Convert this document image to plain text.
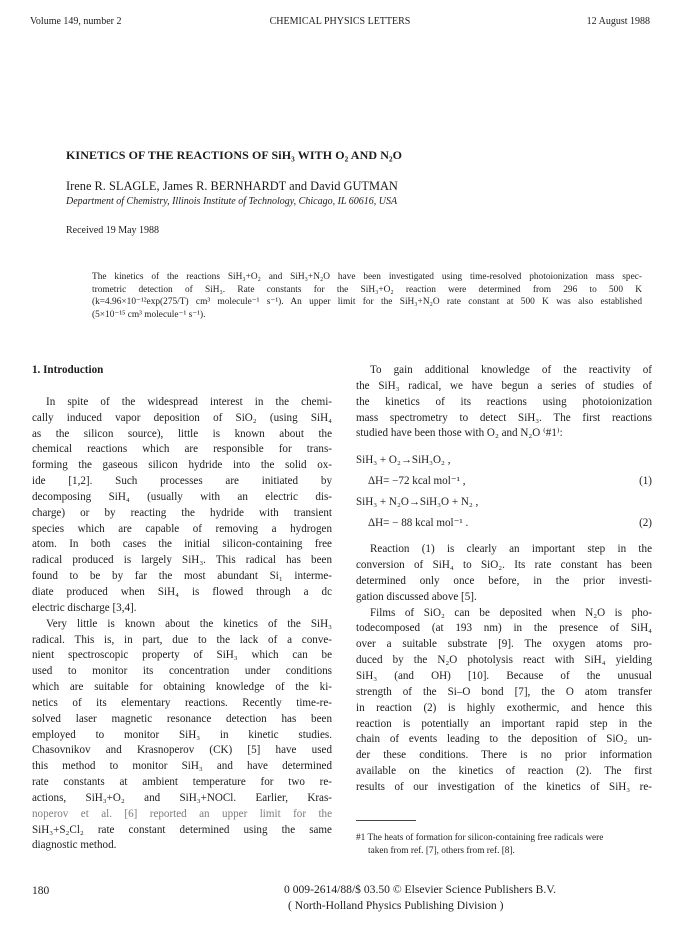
Volume 149, number 2	CHEMICAL PHYSICS LETTERS	12 August 1988
KINETICS OF THE REACTIONS OF SiH₃ WITH O₂ AND N₂O
Irene R. SLAGLE, James R. BERNHARDT and David GUTMAN
Department of Chemistry, Illinois Institute of Technology, Chicago, IL 60616, USA
Received 19 May 1988
The kinetics of the reactions SiH₃+O₂ and SiH₃+N₂O have been investigated using time-resolved photoionization mass spec-
trometric detection of SiH₃. Rate constants for the SiH₃+O₂ reaction were determined from 296 to 500 K
(k=4.96×10⁻¹²exp(275/T) cm³ molecule⁻¹ s⁻¹). An upper limit for the SiH₃+N₂O rate constant at 500 K was also established
(5×10⁻¹⁵ cm³ molecule⁻¹ s⁻¹).
1. Introduction
In spite of the widespread interest in the chemi-
cally induced vapor deposition of SiO₂ (using SiH₄
as the silicon source), little is known about the
chemical reactions which are responsible for trans-
forming the gaseous silicon hydride into the solid ox-
ide [1,2]. Such processes are initiated by
decomposing SiH₄ (usually with an electric dis-
charge) or by reacting the hydride with transient
species which are capable of removing a hydrogen
atom. In both cases the initial silicon-containing free
radical produced is largely SiH₃. This radical has been
found to be by far the most abundant Si₁ interme-
diate produced when SiH₄ is flowed through a dc
electric discharge [3,4].
Very little is known about the kinetics of the SiH₃
radical. This is, in part, due to the lack of a conve-
nient spectroscopic property of SiH₃ which can be
used to monitor its concentration under conditions
which are suitable for obtaining knowledge of the ki-
netics of its elementary reactions. Recently time-re-
solved laser magnetic resonance detection has been
employed to monitor SiH₃ in kinetic studies.
Chasovnikov and Krasnoperov (CK) [5] have used
this method to monitor SiH₃ and have determined
rate constants at ambient temperature for two re-
actions, SiH₃+O₂ and SiH₃+NOCl. Earlier, Kras-
noperov et al. [6] reported an upper limit for the
SiH₃+S₂Cl₂ rate constant determined using the same
diagnostic method.
To gain additional knowledge of the reactivity of
the SiH₃ radical, we have begun a series of studies of
the kinetics of its reactions using photoionization
mass spectrometry to detect SiH₃. The first reactions
studied have been those with O₂ and N₂O ⁽#1⁾:
SiH₃ + O₂→SiH₃O₂ ,
ΔH= −72 kcal mol⁻¹ ,	(1)
SiH₃ + N₂O→SiH₃O + N₂ ,
ΔH= − 88 kcal mol⁻¹ .	(2)
Reaction (1) is clearly an important step in the
conversion of SiH₄ to SiO₂. Its rate constant has been
determined only once before, in the prior investi-
gation discussed above [5].
Films of SiO₂ can be deposited when N₂O is pho-
todecomposed (at 193 nm) in the presence of SiH₄
over a suitable substrate [9]. The oxygen atoms pro-
duced by the N₂O photolysis react with SiH₄ yielding
SiH₃ (and OH) [10]. Because of the unusual
strength of the Si–O bond [7], the O atom transfer
in reaction (2) is highly exothermic, and hence this
reaction is potentially an important rapid step in the
chain of events leading to the deposition of SiO₂ un-
der these conditions. There is no prior information
available on the kinetics of reaction (2). The first
results of our investigation of the kinetics of SiH₃ re-
#1 The heats of formation for silicon-containing free radicals were
taken from ref. [7], others from ref. [8].
180	0 009-2614/88/$ 03.50 © Elsevier Science Publishers B.V.
( North-Holland Physics Publishing Division )
